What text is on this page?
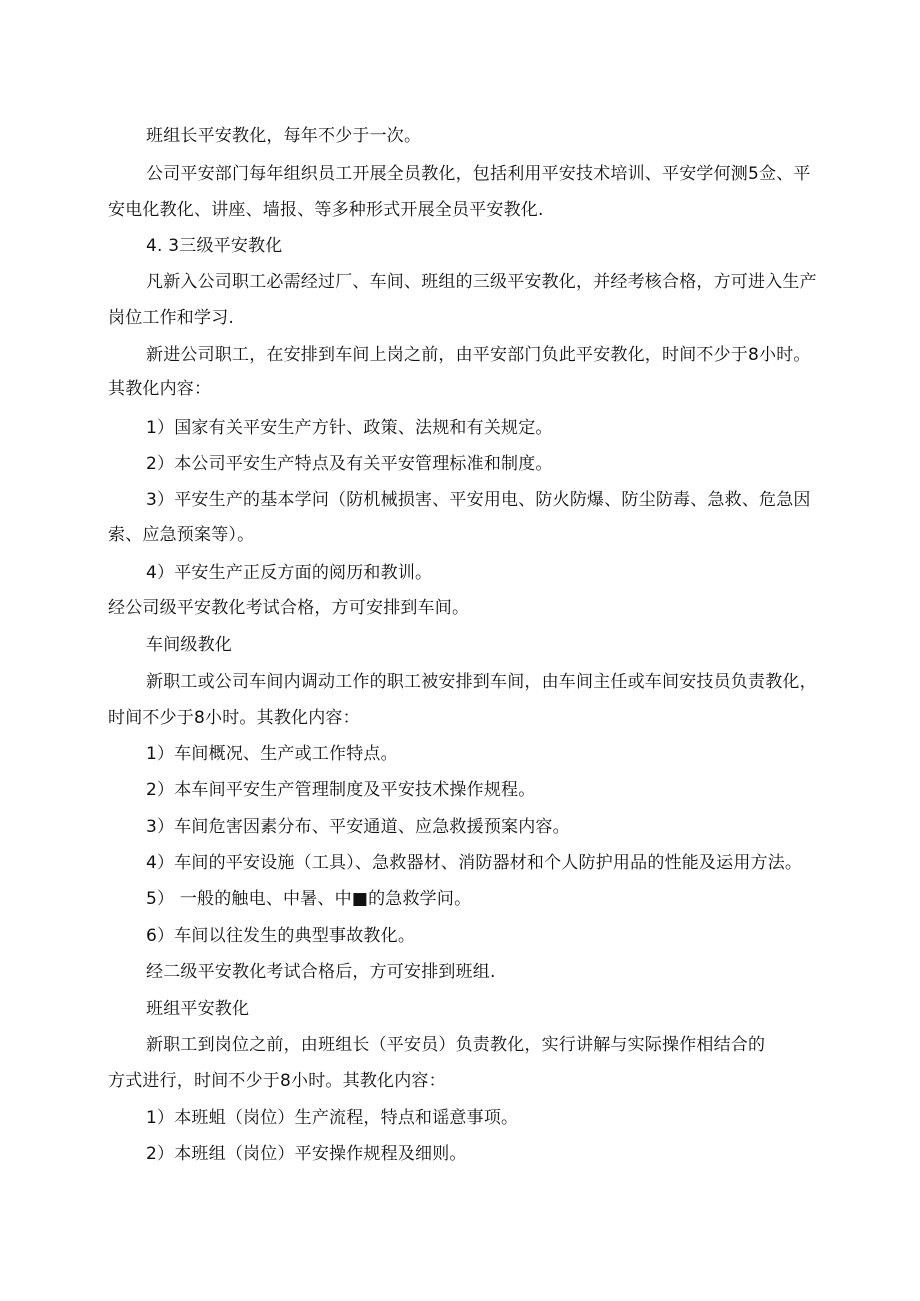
班组长平安教化，每年不少于一次。
公司平安部门每年组织员工开展全员教化，包括利用平安技术培训、平安学何测5佥、平
安电化教化、讲座、墙报、等多种形式开展全员平安教化.
4. 3三级平安教化
凡新入公司职工必需经过厂、车间、班组的三级平安教化，并经考核合格，方可进入生产
岗位工作和学习.
新进公司职工，在安排到车间上岗之前，由平安部门负此平安教化，时间不少于8小时。
其教化内容：
1）国家有关平安生产方针、政策、法规和有关规定。
2）本公司平安生产特点及有关平安管理标准和制度。
3）平安生产的基本学问（防机械损害、平安用电、防火防爆、防尘防毒、急救、危急因
索、应急预案等）。
4）平安生产正反方面的阅历和教训。
经公司级平安教化考试合格，方可安排到车间。
车间级教化
新职工或公司车间内调动工作的职工被安排到车间，由车间主任或车间安技员负责教化，
时间不少于8小时。其教化内容：
1）车间概况、生产或工作特点。
2）本车间平安生产管理制度及平安技术操作规程。
3）车间危害因素分布、平安通道、应急救援预案内容。
4）车间的平安设施（工具）、急救器材、消防器材和个人防护用品的性能及运用方法。
5） 一般的触电、中暑、中■的急救学问。
6）车间以往发生的典型事故教化。
经二级平安教化考试合格后，方可安排到班组.
班组平安教化
新职工到岗位之前，由班组长（平安员）负责教化，实行讲解与实际操作相结合的
方式进行，时间不少于8小时。其教化内容：
1）本班蛆（岗位）生产流程，特点和谣意事项。
2）本班组（岗位）平安操作规程及细则。
